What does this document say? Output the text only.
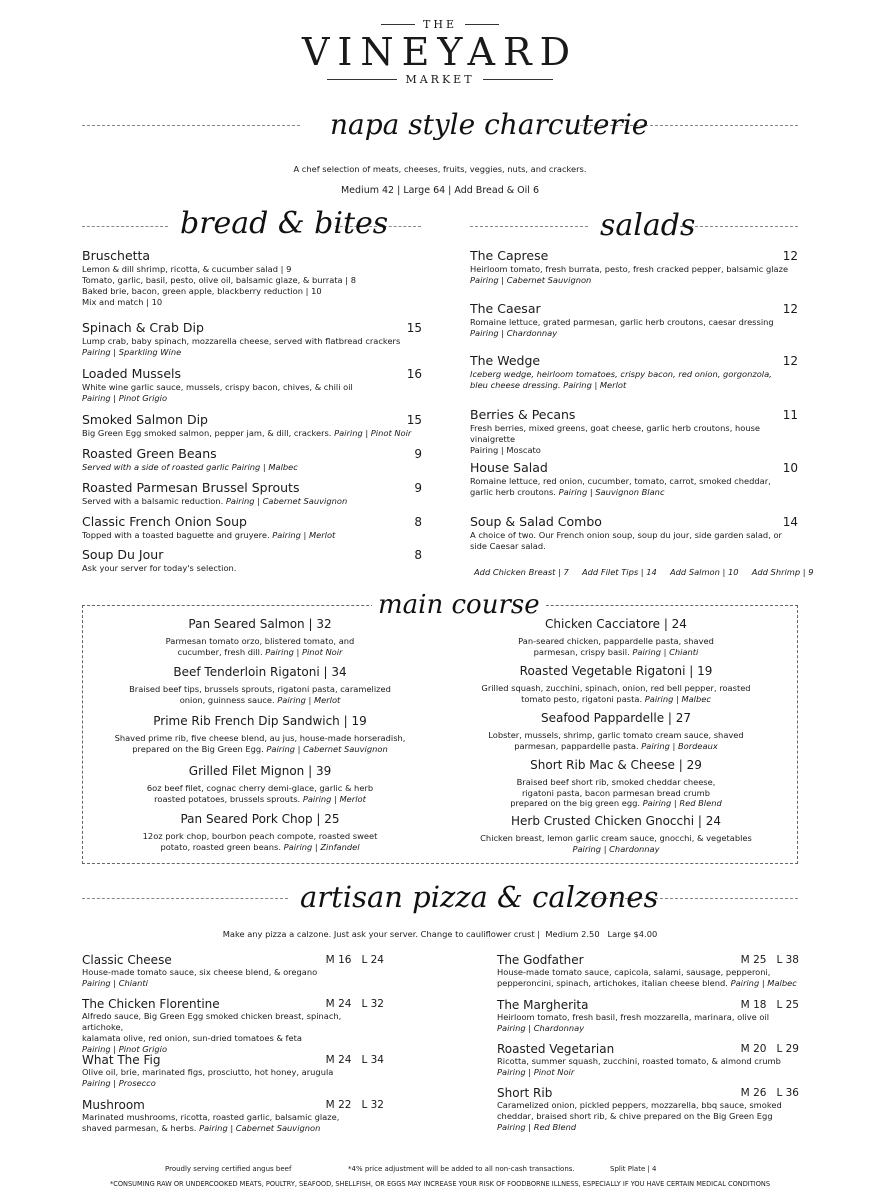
THE
VINEYARD
MARKET
napa style charcuterie
A chef selection of meats, cheeses, fruits, veggies, nuts, and crackers.
Medium 42 | Large 64 | Add Bread & Oil 6
bread & bites	salads
Bruschetta
Lemon & dill shrimp, ricotta, & cucumber salad | 9
Tomato, garlic, basil, pesto, olive oil, balsamic glaze, & burrata | 8
Baked brie, bacon, green apple, blackberry reduction | 10
Mix and match | 10
Spinach & Crab Dip	15
Lump crab, baby spinach, mozzarella cheese, served with flatbread crackers
Pairing | Sparkling Wine
Loaded Mussels	16
White wine garlic sauce, mussels, crispy bacon, chives, & chili oil
Pairing | Pinot Grigio
Smoked Salmon Dip	15
Big Green Egg smoked salmon, pepper jam, & dill, crackers. Pairing | Pinot Noir
Roasted Green Beans	9
Served with a side of roasted garlic Pairing | Malbec
Roasted Parmesan Brussel Sprouts	9
Served with a balsamic reduction. Pairing | Cabernet Sauvignon
Classic French Onion Soup	8
Topped with a toasted baguette and gruyere. Pairing | Merlot
Soup Du Jour	8
Ask your server for today's selection.
The Caprese	12
Heirloom tomato, fresh burrata, pesto, fresh cracked pepper, balsamic glaze
Pairing | Cabernet Sauvignon
The Caesar	12
Romaine lettuce, grated parmesan, garlic herb croutons, caesar dressing
Pairing | Chardonnay
The Wedge	12
Iceberg wedge, heirloom tomatoes, crispy bacon, red onion, gorgonzola,
bleu cheese dressing. Pairing | Merlot
Berries & Pecans	11
Fresh berries, mixed greens, goat cheese, garlic herb croutons, house vinaigrette
Pairing | Moscato
House Salad	10
Romaine lettuce, red onion, cucumber, tomato, carrot, smoked cheddar,
garlic herb croutons. Pairing | Sauvignon Blanc
Soup & Salad Combo	14
A choice of two. Our French onion soup, soup du jour, side garden salad, or
side Caesar salad.
Add Chicken Breast | 7     Add Filet Tips | 14     Add Salmon | 10     Add Shrimp | 9
main course
Pan Seared Salmon | 32
Parmesan tomato orzo, blistered tomato, and
cucumber, fresh dill. Pairing | Pinot Noir
Beef Tenderloin Rigatoni | 34
Braised beef tips, brussels sprouts, rigatoni pasta, caramelized
onion, guinness sauce. Pairing | Merlot
Prime Rib French Dip Sandwich | 19
Shaved prime rib, five cheese blend, au jus, house-made horseradish,
prepared on the Big Green Egg. Pairing | Cabernet Sauvignon
Grilled Filet Mignon | 39
6oz beef filet, cognac cherry demi-glace, garlic & herb
roasted potatoes, brussels sprouts. Pairing | Merlot
Pan Seared Pork Chop | 25
12oz pork chop, bourbon peach compote, roasted sweet
potato, roasted green beans. Pairing | Zinfandel
Chicken Cacciatore | 24
Pan-seared chicken, pappardelle pasta, shaved
parmesan, crispy basil. Pairing | Chianti
Roasted Vegetable Rigatoni | 19
Grilled squash, zucchini, spinach, onion, red bell pepper, roasted
tomato pesto, rigatoni pasta. Pairing | Malbec
Seafood Pappardelle | 27
Lobster, mussels, shrimp, garlic tomato cream sauce, shaved
parmesan, pappardelle pasta. Pairing | Bordeaux
Short Rib Mac & Cheese | 29
Braised beef short rib, smoked cheddar cheese,
rigatoni pasta, bacon parmesan bread crumb
prepared on the big green egg. Pairing | Red Blend
Herb Crusted Chicken Gnocchi | 24
Chicken breast, lemon garlic cream sauce, gnocchi, & vegetables
Pairing | Chardonnay
artisan pizza & calzones
Make any pizza a calzone. Just ask your server. Change to cauliflower crust |  Medium 2.50   Large $4.00
Classic Cheese	M 16   L 24
House-made tomato sauce, six cheese blend, & oregano
Pairing | Chianti
The Chicken Florentine	M 24   L 32
Alfredo sauce, Big Green Egg smoked chicken breast, spinach, artichoke,
kalamata olive, red onion, sun-dried tomatoes & feta
Pairing | Pinot Grigio
What The Fig	M 24   L 34
Olive oil, brie, marinated figs, prosciutto, hot honey, arugula
Pairing | Prosecco
Mushroom	M 22   L 32
Marinated mushrooms, ricotta, roasted garlic, balsamic glaze,
shaved parmesan, & herbs. Pairing | Cabernet Sauvignon
The Godfather	M 25   L 38
House-made tomato sauce, capicola, salami, sausage, pepperoni,
pepperoncini, spinach, artichokes, italian cheese blend. Pairing | Malbec
The Margherita	M 18   L 25
Heirloom tomato, fresh basil, fresh mozzarella, marinara, olive oil
Pairing | Chardonnay
Roasted Vegetarian	M 20   L 29
Ricotta, summer squash, zucchini, roasted tomato, & almond crumb
Pairing | Pinot Noir
Short Rib	M 26   L 36
Caramelized onion, pickled peppers, mozzarella, bbq sauce, smoked
cheddar, braised short rib, & chive prepared on the Big Green Egg
Pairing | Red Blend
Proudly serving certified angus beef	*4% price adjustment will be added to all non-cash transactions.	Split Plate | 4
*CONSUMING RAW OR UNDERCOOKED MEATS, POULTRY, SEAFOOD, SHELLFISH, OR EGGS MAY INCREASE YOUR RISK OF FOODBORNE ILLNESS, ESPECIALLY IF YOU HAVE CERTAIN MEDICAL CONDITIONS
